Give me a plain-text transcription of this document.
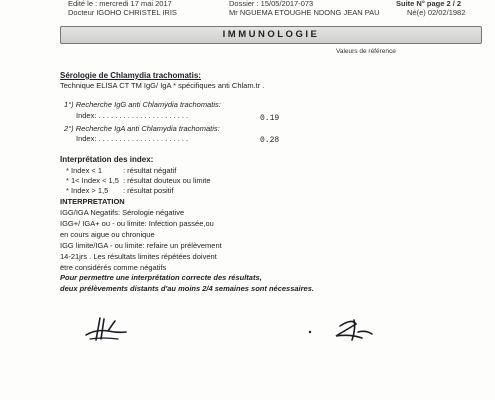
Edité le : mercredi 17 mai 2017
Docteur IGOHO CHRISTEL IRIS
Dossier : 15/05/2017-073
Mr NGUEMA ETOUGHE NDONG JEAN PAU
Suite N° page 2 / 2
Né(e) 02/02/1982
IMMUNOLOGIE
Valeurs de référence
Sérologie de Chlamydia trachomatis:
Technique ELISA CT TM IgG/ IgA * spécifiques anti Chlam.tr .
1°) Recherche IgG anti Chlamydia trachomatis:
Index: . . . . . . . . . . . . . . . . . . . . . .	0.19
2°) Recherche IgA anti Chlamydia trachomatis:
Index: . . . . . . . . . . . . . . . . . . . . . .	0.28
Interprétation des index:
* Index < 1	: résultat négatif
* 1< Index < 1,5 : résultat douteux ou limite
* Index > 1,5 : résultat positif
INTERPRETATION
IGG/IGA Negatifs: Sérologie négative
IGG+/ IGA+ ou - ou limite: Infection passée,ou
en cours aigue ou chronique
IGG limite/IGA - ou limite: refaire un prélèvement
14-21jrs . Les résultats limites répétées doivent
ëtre considérés comme négatifs
Pour permettre une interprétation correcte des résultats,
deux prélèvements distants d'au moins 2/4 semaines sont nécessaires.
